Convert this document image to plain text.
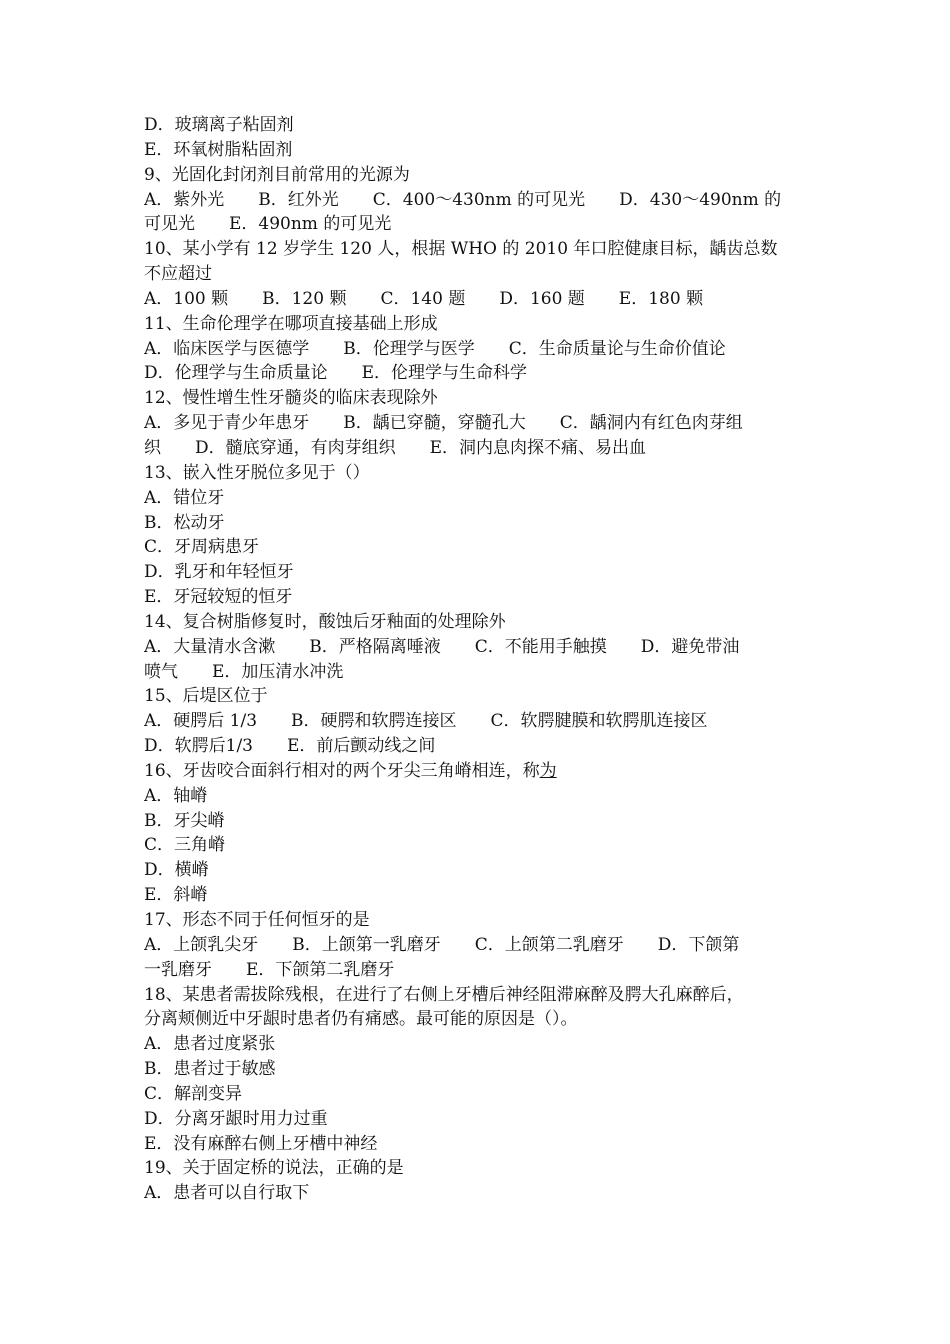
D．玻璃离子粘固剂
E．环氧树脂粘固剂
9、光固化封闭剂目前常用的光源为
A．紫外光　　B．红外光　　C．400～430nm 的可见光　　D．430～490nm 的
可见光　　E．490nm 的可见光
10、某小学有 12 岁学生 120 人，根据 WHO 的 2010 年口腔健康目标，龋齿总数
不应超过
A．100 颗　　B．120 颗　　C．140 题　　D．160 题　　E．180 颗
11、生命伦理学在哪项直接基础上形成
A．临床医学与医德学　　B．伦理学与医学　　C．生命质量论与生命价值论
D．伦理学与生命质量论　　E．伦理学与生命科学
12、慢性增生性牙髓炎的临床表现除外
A．多见于青少年患牙　　B．龋已穿髓，穿髓孔大　　C．龋洞内有红色肉芽组
织　　D．髓底穿通，有肉芽组织　　E．洞内息肉探不痛、易出血
13、嵌入性牙脱位多见于（）
A．错位牙
B．松动牙
C．牙周病患牙
D．乳牙和年轻恒牙
E．牙冠较短的恒牙
14、复合树脂修复时，酸蚀后牙釉面的处理除外
A．大量清水含漱　　B．严格隔离唾液　　C．不能用手触摸　　D．避免带油
喷气　　E．加压清水冲洗
15、后堤区位于
A．硬腭后 1/3　　B．硬腭和软腭连接区　　C．软腭腱膜和软腭肌连接区
D．软腭后1/3　　E．前后颤动线之间
16、牙齿咬合面斜行相对的两个牙尖三角嵴相连，称为
A．轴嵴
B．牙尖嵴
C．三角嵴
D．横嵴
E．斜嵴
17、形态不同于任何恒牙的是
A．上颌乳尖牙　　B．上颌第一乳磨牙　　C．上颌第二乳磨牙　　D．下颌第
一乳磨牙　　E．下颌第二乳磨牙
18、某患者需拔除残根，在进行了右侧上牙槽后神经阻滞麻醉及腭大孔麻醉后，
分离颊侧近中牙龈时患者仍有痛感。最可能的原因是（）。
A．患者过度紧张
B．患者过于敏感
C．解剖变异
D．分离牙龈时用力过重
E．没有麻醉右侧上牙槽中神经
19、关于固定桥的说法，正确的是
A．患者可以自行取下
